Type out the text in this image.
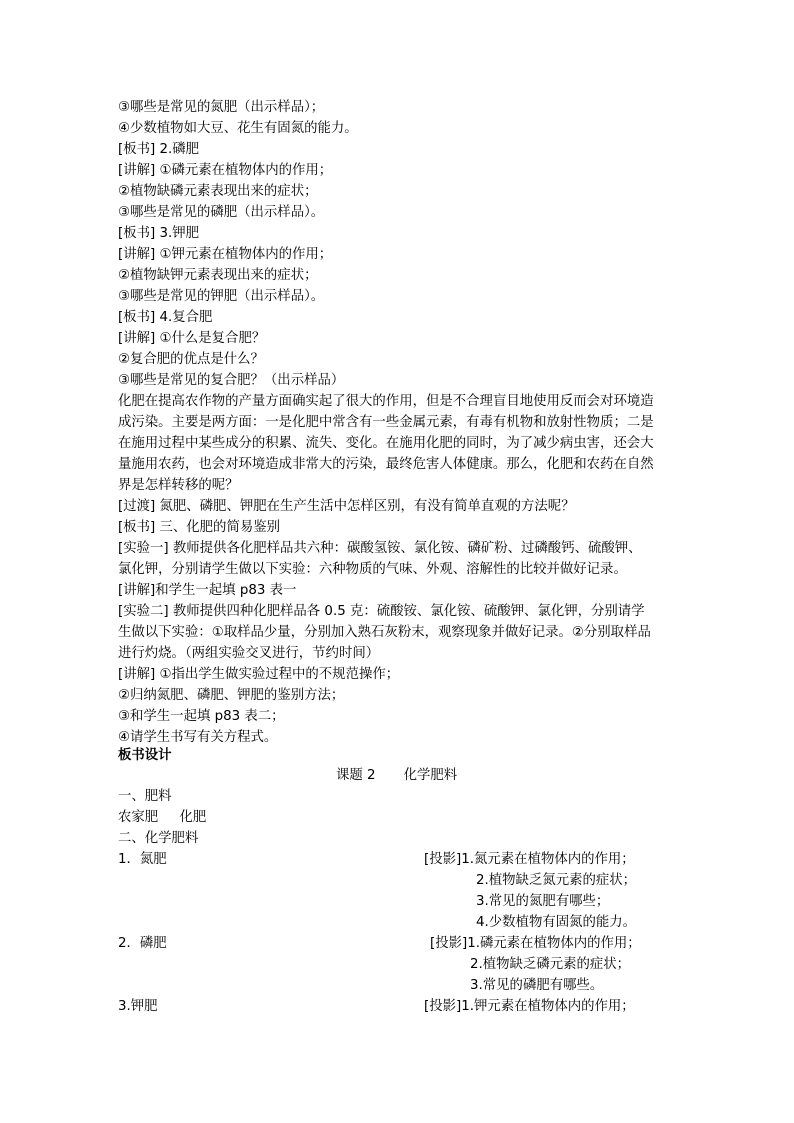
③哪些是常见的氮肥（出示样品）；
④少数植物如大豆、花生有固氮的能力。
[板书] 2.磷肥
[讲解] ①磷元素在植物体内的作用；
②植物缺磷元素表现出来的症状；
③哪些是常见的磷肥（出示样品）。
[板书] 3.钾肥
[讲解] ①钾元素在植物体内的作用；
②植物缺钾元素表现出来的症状；
③哪些是常见的钾肥（出示样品）。
[板书] 4.复合肥
[讲解] ①什么是复合肥？
②复合肥的优点是什么？
③哪些是常见的复合肥？（出示样品）
化肥在提高农作物的产量方面确实起了很大的作用，但是不合理盲目地使用反而会对环境造
成污染。主要是两方面：一是化肥中常含有一些金属元素，有毒有机物和放射性物质；二是
在施用过程中某些成分的积累、流失、变化。在施用化肥的同时，为了减少病虫害，还会大
量施用农药，也会对环境造成非常大的污染，最终危害人体健康。那么，化肥和农药在自然
界是怎样转移的呢？
[过渡] 氮肥、磷肥、钾肥在生产生活中怎样区别，有没有简单直观的方法呢？
[板书] 三、化肥的简易鉴别
[实验一] 教师提供各化肥样品共六种：碳酸氢铵、氯化铵、磷矿粉、过磷酸钙、硫酸钾、
氯化钾，分别请学生做以下实验：六种物质的气味、外观、溶解性的比较并做好记录。
[讲解]和学生一起填 p83 表一
[实验二] 教师提供四种化肥样品各 0.5 克：硫酸铵、氯化铵、硫酸钾、氯化钾，分别请学
生做以下实验：①取样品少量，分别加入熟石灰粉末，观察现象并做好记录。②分别取样品
进行灼烧。（两组实验交叉进行，节约时间）
[讲解] ①指出学生做实验过程中的不规范操作；
②归纳氮肥、磷肥、钾肥的鉴别方法；
③和学生一起填 p83 表二；
④请学生书写有关方程式。
板书设计
课题 2 化学肥料
一、肥料
农家肥     化肥
二、化学肥料
1．氮肥	[投影]1.氮元素在植物体内的作用；
2.植物缺乏氮元素的症状；
3.常见的氮肥有哪些；
4.少数植物有固氮的能力。
2．磷肥	[投影]1.磷元素在植物体内的作用；
2.植物缺乏磷元素的症状；
3.常见的磷肥有哪些。
3.钾肥	[投影]1.钾元素在植物体内的作用；
